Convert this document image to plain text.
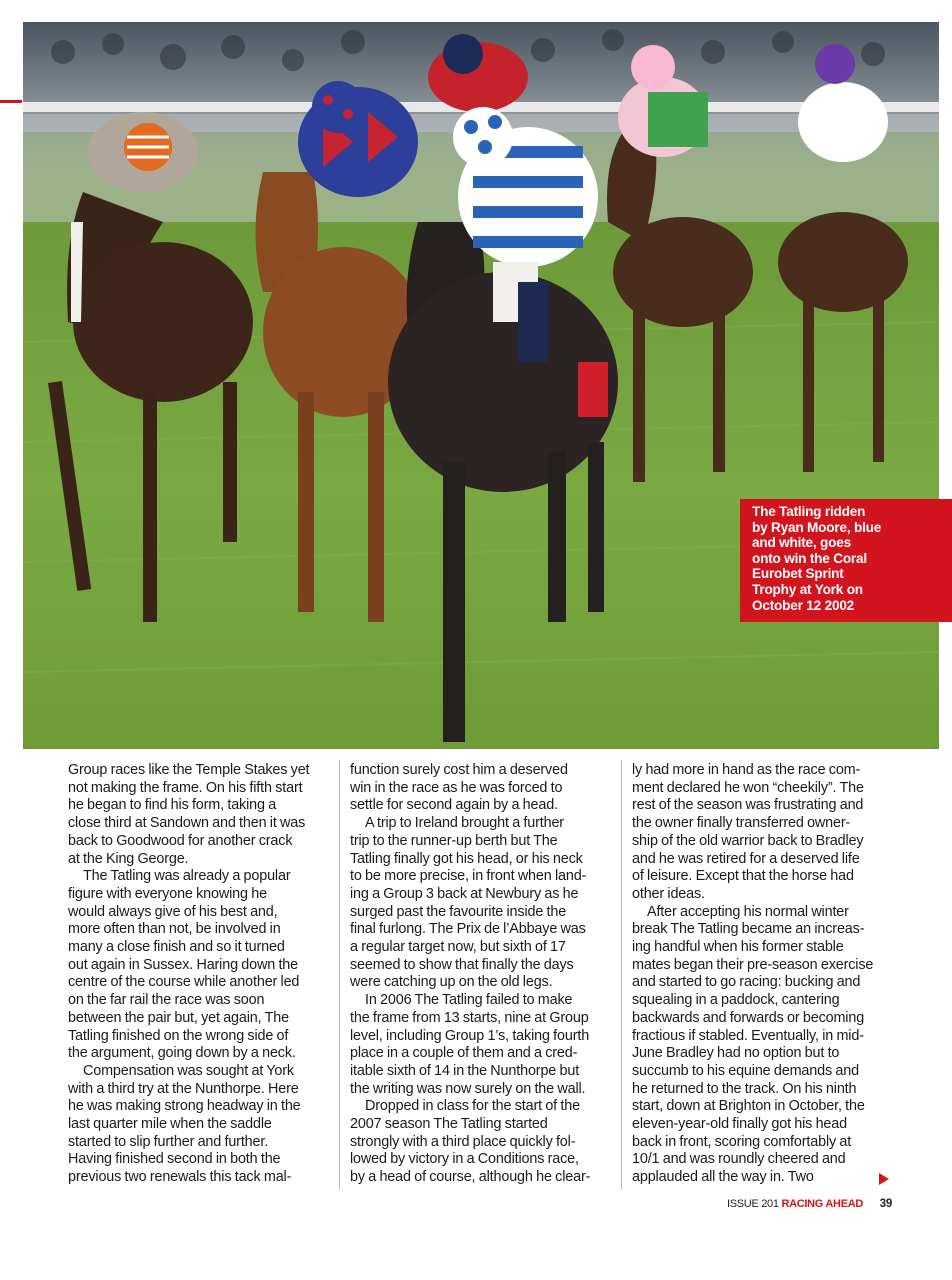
The Tatling ridden

by Ryan Moore, blue

and white, goes

onto win the Coral

Eurobet Sprint

Trophy at York on

October 12 2002

Group races like the Temple Stakes yet
not making the frame. On his fifth start
he began to find his form, taking a
close third at Sandown and then it was
back to Goodwood for another crack
at the King George.
The Tatling was already a popular
figure with everyone knowing he
would always give of his best and,
more often than not, be involved in
many a close finish and so it turned
out again in Sussex. Haring down the
centre of the course while another led
on the far rail the race was soon
between the pair but, yet again, The
Tatling finished on the wrong side of
the argument, going down by a neck.
Compensation was sought at York
with a third try at the Nunthorpe. Here
he was making strong headway in the
last quarter mile when the saddle
started to slip further and further.
Having finished second in both the
previous two renewals this tack mal-
function surely cost him a deserved
win in the race as he was forced to
settle for second again by a head.
A trip to Ireland brought a further
trip to the runner-up berth but The
Tatling finally got his head, or his neck
to be more precise, in front when land-
ing a Group 3 back at Newbury as he
surged past the favourite inside the
final furlong. The Prix de l’Abbaye was
a regular target now, but sixth of 17
seemed to show that finally the days
were catching up on the old legs.
In 2006 The Tatling failed to make
the frame from 13 starts, nine at Group
level, including Group 1’s, taking fourth
place in a couple of them and a cred-
itable sixth of 14 in the Nunthorpe but
the writing was now surely on the wall.
Dropped in class for the start of the
2007 season The Tatling started
strongly with a third place quickly fol-
lowed by victory in a Conditions race,
by a head of course, although he clear-
ly had more in hand as the race com-
ment declared he won “cheekily”. The
rest of the season was frustrating and
the owner finally transferred owner-
ship of the old warrior back to Bradley
and he was retired for a deserved life
of leisure. Except that the horse had
other ideas.
After accepting his normal winter
break The Tatling became an increas-
ing handful when his former stable
mates began their pre-season exercise
and started to go racing: bucking and
squealing in a paddock, cantering
backwards and forwards or becoming
fractious if stabled. Eventually, in mid-
June Bradley had no option but to
succumb to his equine demands and
he returned to the track. On his ninth
start, down at Brighton in October, the
eleven-year-old finally got his head
back in front, scoring comfortably at
10/1 and was roundly cheered and
applauded all the way in. Two
ISSUE 201 RACING AHEAD 39
